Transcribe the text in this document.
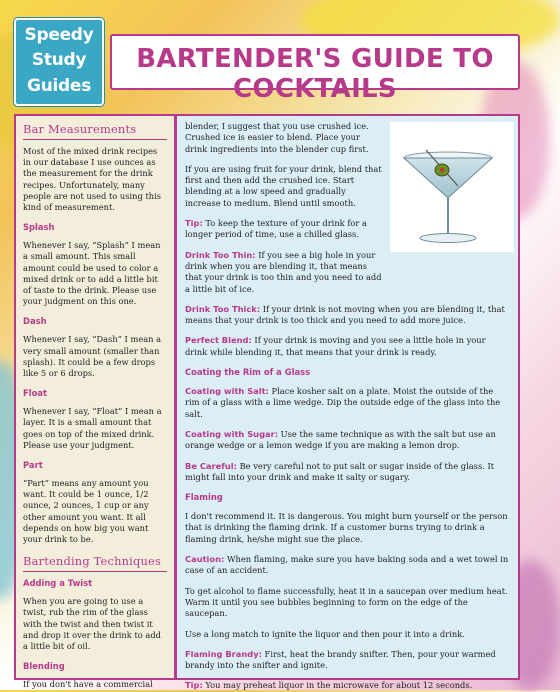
Speedy
Study
Guides
BARTENDER'S GUIDE TO COCKTAILS
Bar Measurements

Most of the mixed drink recipes in our database I use ounces as the measurement for the drink recipes. Unfortunately, many people are not used to using this kind of measurement.

Splash

Whenever I say, “Splash” I mean a small amount. This small amount could be used to color a mixed drink or to add a little bit of taste to the drink. Please use your judgment on this one.

Dash

Whenever I say, “Dash” I mean a very small amount (smaller than splash). It could be a few drops like 5 or 6 drops.

Float

Whenever I say, “Float” I mean a layer. It is a small amount that goes on top of the mixed drink. Please use your judgment.

Part

“Part” means any amount you want. It could be 1 ounce, 1/2 ounce, 2 ounces, 1 cup or any other amount you want. It all depends on how big you want your drink to be.

Bartending Techniques

Adding a Twist

When you are going to use a twist, rub the rim of the glass with the twist and then twist it and drop it over the drink to add a little bit of oil.

Blending

If you don't have a commercial

blender, I suggest that you use crushed ice. Crushed ice is easier to blend. Place your drink ingredients into the blender cup first.

If you are using fruit for your drink, blend that first and then add the crushed ice. Start blending at a low speed and gradually increase to medium. Blend until smooth.

Tip: To keep the texture of your drink for a longer period of time, use a chilled glass.

Drink Too Thin: If you see a big hole in your drink when you are blending it, that means that your drink is too thin and you need to add a little bit of ice.

Drink Too Thick: If your drink is not moving when you are blending it, that means that your drink is too thick and you need to add more juice.

Perfect Blend: If your drink is moving and you see a little hole in your drink while blending it, that means that your drink is ready.

Coating the Rim of a Glass

Coating with Salt: Place kosher salt on a plate. Moist the outside of the rim of a glass with a lime wedge. Dip the outside edge of the glass into the salt.

Coating with Sugar: Use the same technique as with the salt but use an orange wedge or a lemon wedge if you are making a lemon drop.

Be Careful: Be very careful not to put salt or sugar inside of the glass. It might fall into your drink and make it salty or sugary.

Flaming

I don't recommend it. It is dangerous. You might burn yourself or the person that is drinking the flaming drink. If a customer burns trying to drink a flaming drink, he/she might sue the place.

Caution: When flaming, make sure you have baking soda and a wet towel in case of an accident.

To get alcohol to flame successfully, heat it in a saucepan over medium heat. Warm it until you see bubbles beginning to form on the edge of the saucepan.

Use a long match to ignite the liquor and then pour it into a drink.

Flaming Brandy: First, heat the brandy snifter. Then, pour your warmed brandy into the snifter and ignite.

Tip: You may preheat liquor in the microwave for about 12 seconds.
